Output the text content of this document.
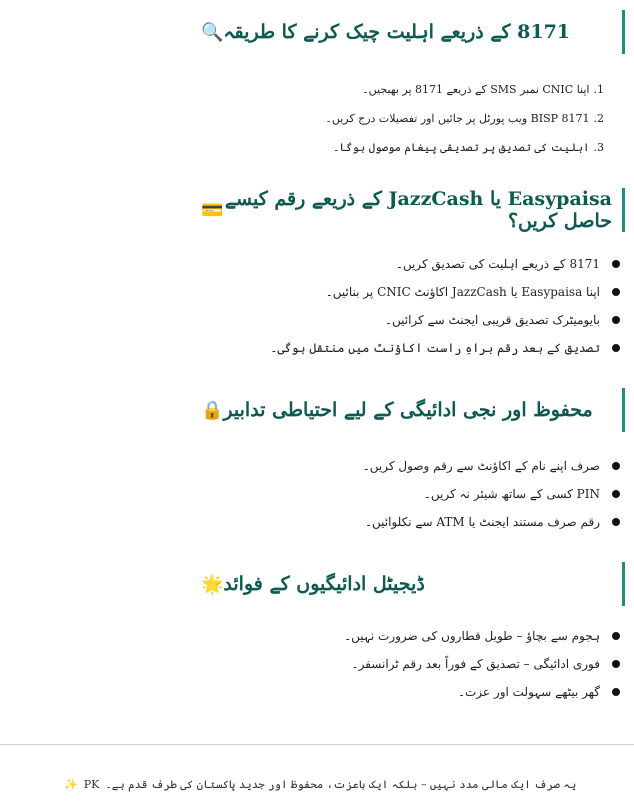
8171 کے ذریعے اہلیت چیک کرنے کا طریقہ
🔍
1.
اپنا CNIC نمبر SMS کے ذریعے 8171 پر بھیجیں۔
2.
BISP 8171 ویب پورٹل پر جائیں اور تفصیلات درج کریں۔
3.
اہلیت کی تصدیق پر تصدیقی پیغام موصول ہوگا۔
Easypaisa یا JazzCash کے ذریعے رقم کیسے حاصل کریں؟
💳
8171 کے ذریعے اہلیت کی تصدیق کریں۔
اپنا Easypaisa یا JazzCash اکاؤنٹ CNIC پر بنائیں۔
بایومیٹرک تصدیق قریبی ایجنٹ سے کرائیں۔
تصدیق کے بعد رقم براہِ راست اکاؤنٹ میں منتقل ہوگی۔
محفوظ اور نجی ادائیگی کے لیے احتیاطی تدابیر
🔒
صرف اپنے نام کے اکاؤنٹ سے رقم وصول کریں۔
PIN کسی کے ساتھ شیئر نہ کریں۔
رقم صرف مستند ایجنٹ یا ATM سے نکلوائیں۔
ڈیجیٹل ادائیگیوں کے فوائد
🌟
ہجوم سے بچاؤ – طویل قطاروں کی ضرورت نہیں۔
فوری ادائیگی – تصدیق کے فوراً بعد رقم ٹرانسفر۔
گھر بیٹھے سہولت اور عزت۔
یہ صرف ایک مالی مدد نہیں – بلکہ ایک باعزت، محفوظ اور جدید پاکستان کی طرف قدم ہے۔
PK
✨
